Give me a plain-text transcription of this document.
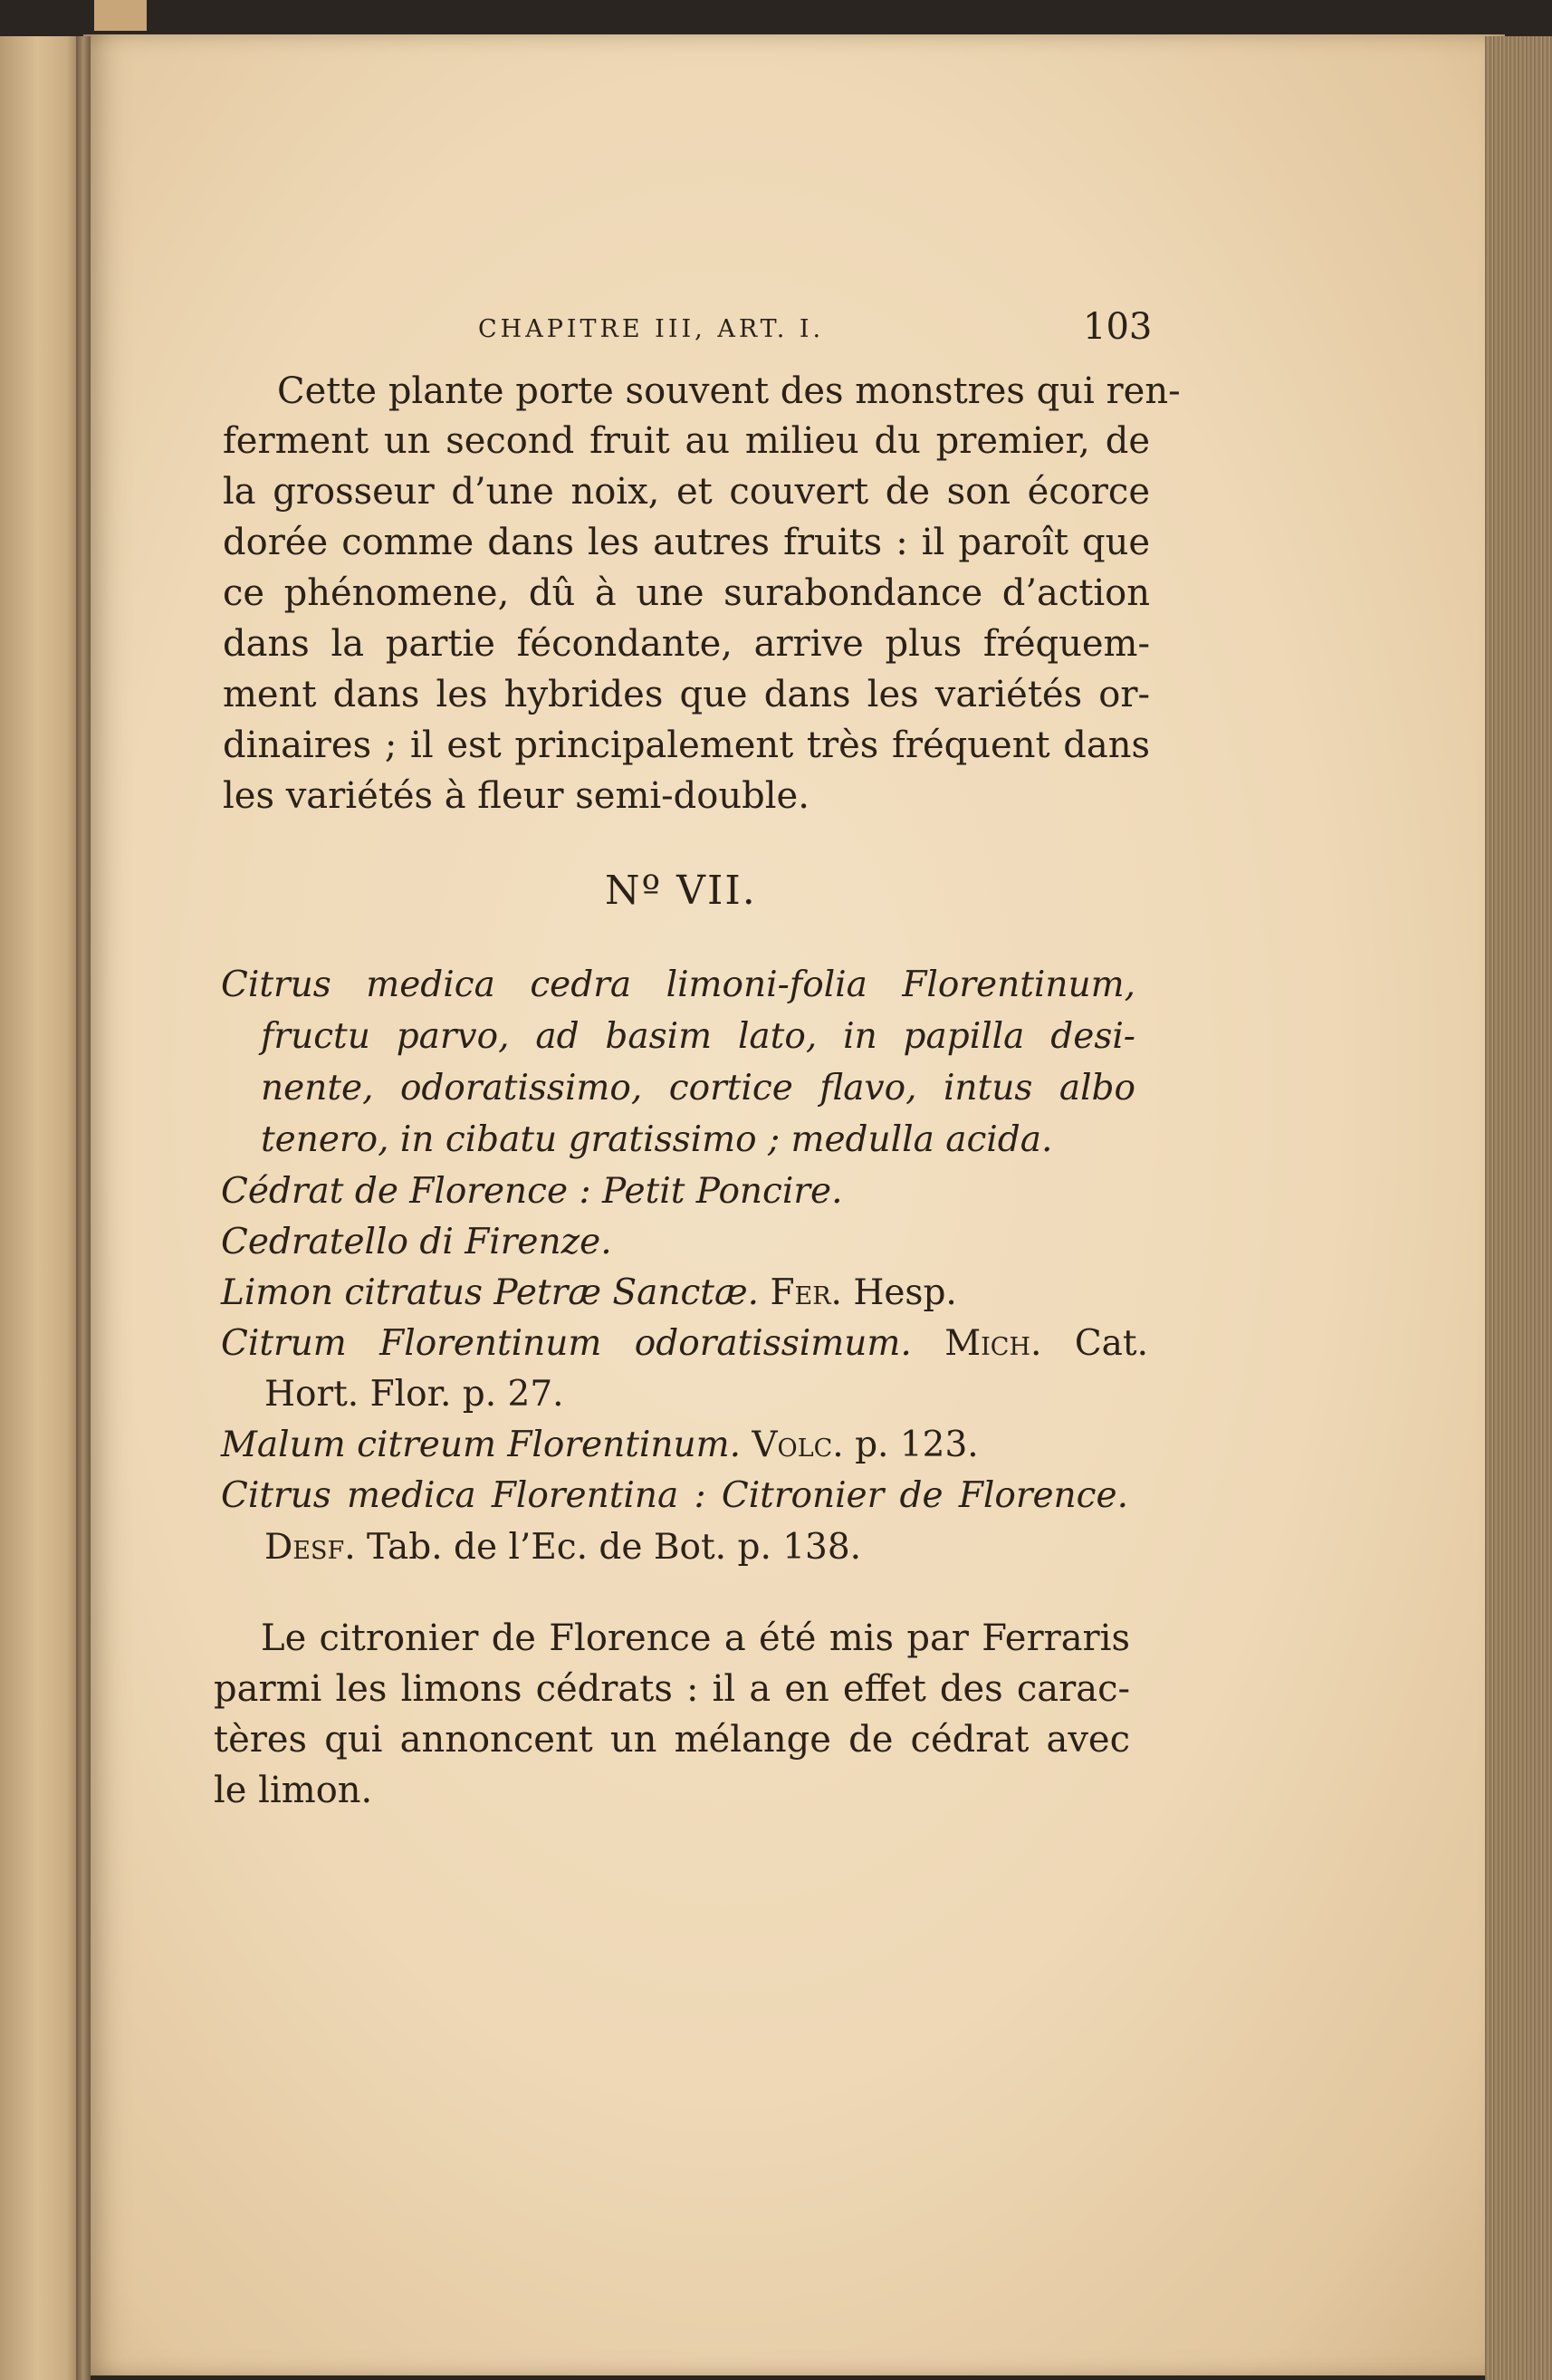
CHAPITRE III, ART. I.	103
Cette plante porte souvent des monstres qui ren-
ferment un second fruit au milieu du premier, de
la grosseur d’une noix, et couvert de son écorce
dorée comme dans les autres fruits : il paroît que
ce phénomene, dû à une surabondance d’action
dans la partie fécondante, arrive plus fréquem-
ment dans les hybrides que dans les variétés or-
dinaires ; il est principalement très fréquent dans
les variétés à fleur semi-double.
Nº VII.
Citrus medica cedra limoni-folia Florentinum,
fructu parvo, ad basim lato, in papilla desi-
nente, odoratissimo, cortice flavo, intus albo
tenero, in cibatu gratissimo ; medulla acida.
Cédrat de Florence : Petit Poncire.
Cedratello di Firenze.
Limon citratus Petræ Sanctæ. Fer. Hesp.
Citrum Florentinum odoratissimum. Mich. Cat.
Hort. Flor. p. 27.
Malum citreum Florentinum. Volc. p. 123.
Citrus medica Florentina : Citronier de Florence.
Desf. Tab. de l’Ec. de Bot. p. 138.
Le citronier de Florence a été mis par Ferraris
parmi les limons cédrats : il a en effet des carac-
tères qui annoncent un mélange de cédrat avec
le limon.
